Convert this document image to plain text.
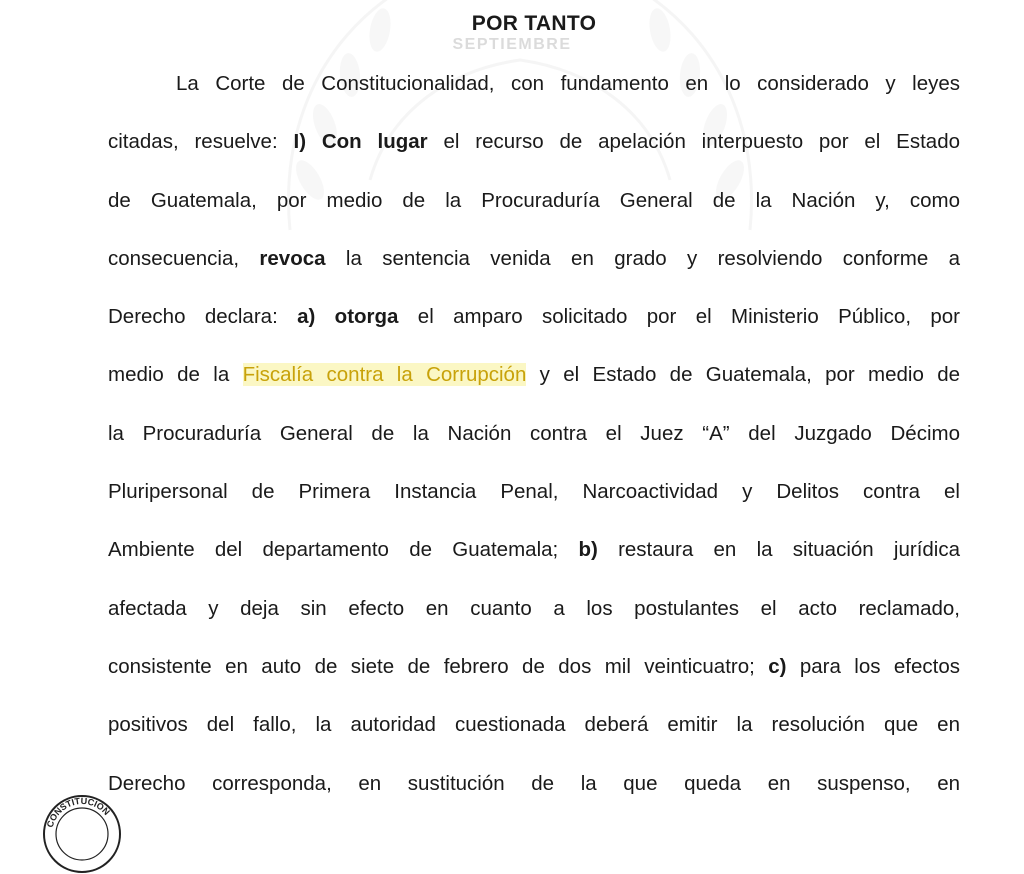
SEPTIEMBRE
POR TANTO
La Corte de Constitucionalidad, con fundamento en lo considerado y leyes
citadas, resuelve: I) Con lugar el recurso de apelación interpuesto por el Estado
de Guatemala, por medio de la Procuraduría General de la Nación y, como
consecuencia, revoca la sentencia venida en grado y resolviendo conforme a
Derecho declara: a) otorga el amparo solicitado por el Ministerio Público, por
medio de la Fiscalía contra la Corrupción y el Estado de Guatemala, por medio de
la Procuraduría General de la Nación contra el Juez “A” del Juzgado Décimo
Pluripersonal de Primera Instancia Penal, Narcoactividad y Delitos contra el
Ambiente del departamento de Guatemala; b) restaura en la situación jurídica
afectada y deja sin efecto en cuanto a los postulantes el acto reclamado,
consistente en auto de siete de febrero de dos mil veinticuatro; c) para los efectos
positivos del fallo, la autoridad cuestionada deberá emitir la resolución que en
Derecho corresponda, en sustitución de la que queda en suspenso, en
CONSTITUCIÓN
